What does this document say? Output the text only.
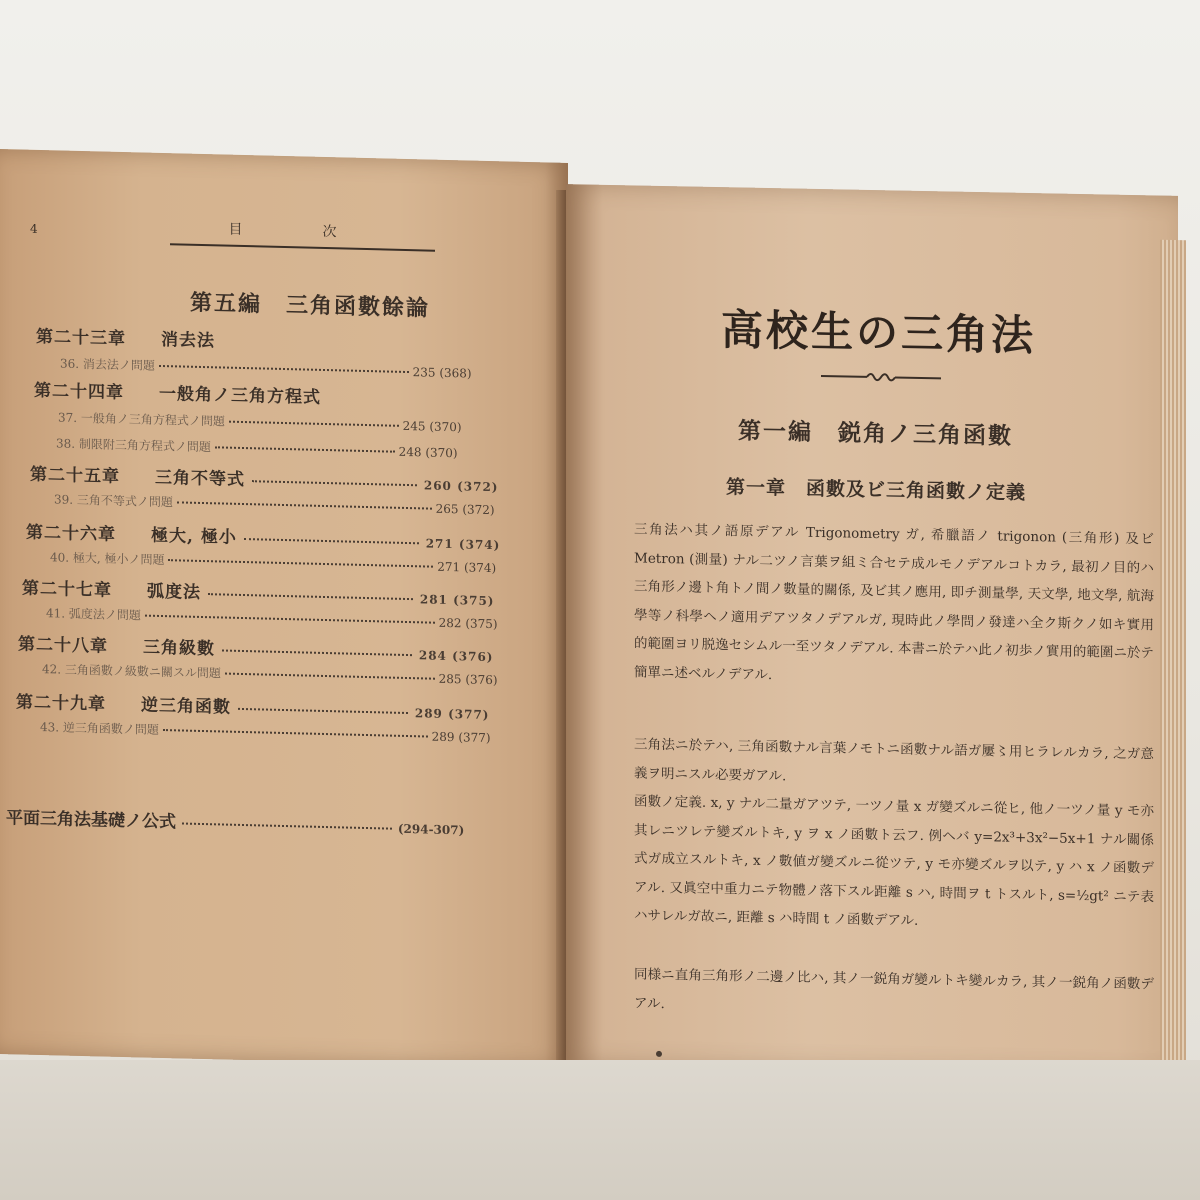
4	目次
第五編　三角函數餘論
第二十三章 消去法
36. 消去法ノ問題  235 (368)
第二十四章 一般角ノ三角方程式
37. 一般角ノ三角方程式ノ問題	245 (370)
38. 制限附三角方程式ノ問題	248 (370)
第二十五章 三角不等式	260 (372)
39. 三角不等式ノ問題  265 (372)
第二十六章 極大, 極小	271 (374)
40. 極大, 極小ノ問題  271 (374)
第二十七章 弧度法	281 (375)
41. 弧度法ノ問題  282 (375)
第二十八章 三角級數	284 (376)
42. 三角函數ノ級數ニ關スル問題	285 (376)
第二十九章 逆三角函數	289 (377)
43. 逆三角函數ノ問題  289 (377)
平面三角法基礎ノ公式	(294-307)
高校生の三角法
第一編　鋭角ノ三角函數
第一章　函數及ビ三角函數ノ定義
三角法ハ其ノ語原デアル Trigonometry ガ, 希臘語ノ trigonon (三角形) 及ビ Metron (測量) ナル二ツノ言葉ヲ組ミ合セテ成ルモノデアルコトカラ, 最初ノ目的ハ三角形ノ邊ト角トノ間ノ數量的關係, 及ビ其ノ應用, 即チ測量學, 天文學, 地文學, 航海學等ノ科學ヘノ適用デアツタノデアルガ, 現時此ノ學問ノ發達ハ全ク斯クノ如キ實用的範圍ヨリ脱逸セシムル一至ツタノデアル. 本書ニ於テハ此ノ初歩ノ實用的範圍ニ於テ簡單ニ述ベルノデアル.
三角法ニ於テハ, 三角函數ナル言葉ノモトニ函數ナル語ガ屢〻用ヒラレルカラ, 之ガ意義ヲ明ニスル必要ガアル.
函數ノ定義. x, y ナル二量ガアツテ, 一ツノ量 x ガ變ズルニ從ヒ, 他ノ一ツノ量 y モ亦其レニツレテ變ズルトキ, y ヲ x ノ函數ト云フ. 例ヘバ y=2x³+3x²−5x+1 ナル關係式ガ成立スルトキ, x ノ數値ガ變ズルニ從ツテ, y モ亦變ズルヲ以テ, y ハ x ノ函數デアル. 又眞空中重力ニテ物體ノ落下スル距離 s ハ, 時間ヲ t トスルト, s=½gt² ニテ表ハサレルガ故ニ, 距離 s ハ時間 t ノ函數デアル.
同様ニ直角三角形ノ二邊ノ比ハ, 其ノ一鋭角ガ變ルトキ變ルカラ, 其ノ一鋭角ノ函數デアル.
